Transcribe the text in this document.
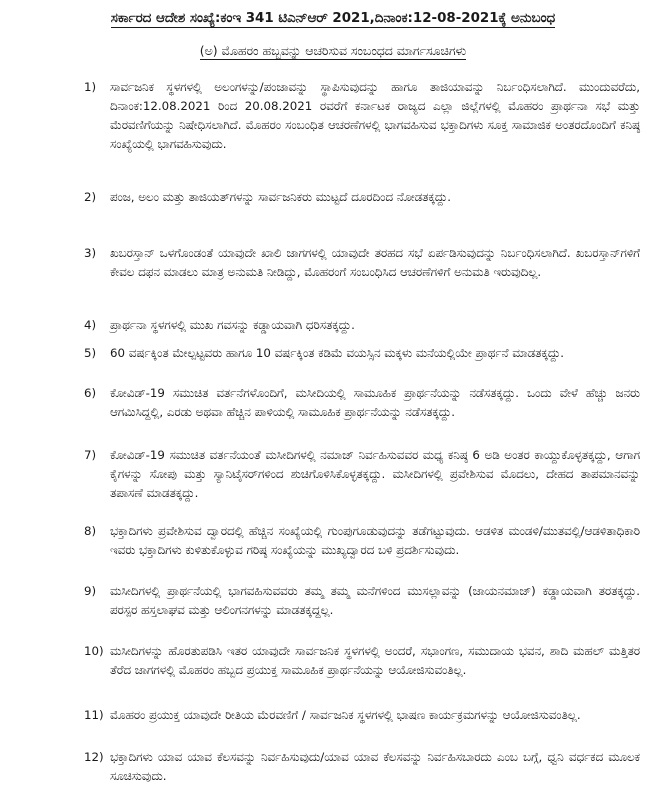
ಸರ್ಕಾರದ ಆದೇಶ ಸಂಖ್ಯೆ:ಕಂಇ 341 ಟಿಎನ್ಆರ್ 2021,ದಿನಾಂಕ:12-08-2021ಕ್ಕೆ ಅನುಬಂಧ
(ಅ) ಮೊಹರಂ ಹಬ್ಬವನ್ನು ಆಚರಿಸುವ ಸಂಬಂಧದ ಮಾರ್ಗಸೂಚಿಗಳು
1)	ಸಾರ್ವಜನಿಕ ಸ್ಥಳಗಳಲ್ಲಿ ಅಲಂಗಳನ್ನು/ಪಂಜಾವನ್ನು ಸ್ಥಾಪಿಸುವುದನ್ನು ಹಾಗೂ ತಾಜಿಯಾವನ್ನು ನಿರ್ಬಂಧಿಸಲಾಗಿದೆ. ಮುಂದುವರೆದು, ದಿನಾಂಕ:12.08.2021 ರಿಂದ 20.08.2021 ರವರೆಗೆ ಕರ್ನಾಟಕ ರಾಜ್ಯದ ಎಲ್ಲಾ ಜಿಲ್ಲೆಗಳಲ್ಲಿ ಮೊಹರಂ ಪ್ರಾರ್ಥನಾ ಸಭೆ ಮತ್ತು ಮೆರವಣಿಗೆಯನ್ನು ನಿಷೇಧಿಸಲಾಗಿದೆ. ಮೊಹರಂ ಸಂಬಂಧಿತ ಆಚರಣೆಗಳಲ್ಲಿ ಭಾಗವಹಿಸುವ ಭಕ್ತಾದಿಗಳು ಸೂಕ್ತ ಸಾಮಾಜಿಕ ಅಂತರದೊಂದಿಗೆ ಕನಿಷ್ಠ ಸಂಖ್ಯೆಯಲ್ಲಿ ಭಾಗವಹಿಸುವುದು.
2)	ಪಂಜ, ಅಲಂ ಮತ್ತು ತಾಜಿಯತ್‌ಗಳನ್ನು ಸಾರ್ವಜನಿಕರು ಮುಟ್ಟದೆ ದೂರದಿಂದ ನೋಡತಕ್ಕದ್ದು.
3)	ಖಬರಸ್ತಾನ್ ಒಳಗೊಂಡಂತೆ ಯಾವುದೇ ಖಾಲಿ ಜಾಗಗಳಲ್ಲಿ ಯಾವುದೇ ತರಹದ ಸಭೆ ಏರ್ಪಡಿಸುವುದನ್ನು ನಿರ್ಬಂಧಿಸಲಾಗಿದೆ. ಖಬರಸ್ತಾನ್‌ಗಳಿಗೆ ಕೇವಲ ದಫನ ಮಾಡಲು ಮಾತ್ರ ಅನುಮತಿ ನೀಡಿದ್ದು, ಮೊಹರಂಗೆ ಸಂಬಂಧಿಸಿದ ಆಚರಣೆಗಳಿಗೆ ಅನುಮತಿ ಇರುವುದಿಲ್ಲ.
4)	ಪ್ರಾರ್ಥನಾ ಸ್ಥಳಗಳಲ್ಲಿ ಮುಖ ಗವಸನ್ನು ಕಡ್ಡಾಯವಾಗಿ ಧರಿಸತಕ್ಕದ್ದು.
5)	60 ವರ್ಷಕ್ಕಿಂತ ಮೇಲ್ಪಟ್ಟವರು ಹಾಗೂ 10 ವರ್ಷಕ್ಕಿಂತ ಕಡಿಮೆ ವಯಸ್ಸಿನ ಮಕ್ಕಳು ಮನೆಯಲ್ಲಿಯೇ ಪ್ರಾರ್ಥನೆ ಮಾಡತಕ್ಕದ್ದು.
6)	ಕೋವಿಡ್-19 ಸಮುಚಿತ ವರ್ತನೆಗಳೊಂದಿಗೆ, ಮಸೀದಿಯಲ್ಲಿ ಸಾಮೂಹಿಕ ಪ್ರಾರ್ಥನೆಯನ್ನು ನಡೆಸತಕ್ಕದ್ದು. ಒಂದು ವೇಳೆ ಹೆಚ್ಚು ಜನರು ಆಗಮಿಸಿದ್ದಲ್ಲಿ, ಎರಡು ಅಥವಾ ಹೆಚ್ಚಿನ ಪಾಳಿಯಲ್ಲಿ ಸಾಮೂಹಿಕ ಪ್ರಾರ್ಥನೆಯನ್ನು ನಡೆಸತಕ್ಕದ್ದು.
7)	ಕೋವಿಡ್-19 ಸಮುಚಿತ ವರ್ತನೆಯಂತೆ ಮಸೀದಿಗಳಲ್ಲಿ ನಮಾಜ್ ನಿರ್ವಹಿಸುವವರ ಮಧ್ಯ ಕನಿಷ್ಠ 6 ಅಡಿ ಅಂತರ ಕಾಯ್ದುಕೊಳ್ಳತಕ್ಕದ್ದು, ಆಗಾಗ ಕೈಗಳನ್ನು ಸೋಪು ಮತ್ತು ಸ್ಯಾನಿಟೈಸರ್‌ಗಳಿಂದ ಶುಚಿಗೊಳಿಸಿಕೊಳ್ಳತಕ್ಕದ್ದು. ಮಸೀದಿಗಳಲ್ಲಿ ಪ್ರವೇಶಿಸುವ ಮೊದಲು, ದೇಹದ ತಾಪಮಾನವನ್ನು ತಪಾಸಣೆ ಮಾಡತಕ್ಕದ್ದು.
8)	ಭಕ್ತಾದಿಗಳು ಪ್ರವೇಶಿಸುವ ದ್ವಾರದಲ್ಲಿ ಹೆಚ್ಚಿನ ಸಂಖ್ಯೆಯಲ್ಲಿ ಗುಂಪುಗೂಡುವುದನ್ನು ತಡೆಗಟ್ಟುವುದು. ಆಡಳಿತ ಮಂಡಳಿ/ಮುತವಲ್ಲಿ/ಆಡಳಿತಾಧಿಕಾರಿ ಇವರು ಭಕ್ತಾದಿಗಳು ಕುಳಿತುಕೊಳ್ಳುವ ಗರಿಷ್ಠ ಸಂಖ್ಯೆಯನ್ನು ಮುಖ್ಯದ್ವಾರದ ಬಳಿ ಪ್ರದರ್ಶಿಸುವುದು.
9)	ಮಸೀದಿಗಳಲ್ಲಿ ಪ್ರಾರ್ಥನೆಯಲ್ಲಿ ಭಾಗವಹಿಸುವವರು ತಮ್ಮ ತಮ್ಮ ಮನೆಗಳಿಂದ ಮುಸಲ್ಲಾವನ್ನು (ಜಾಯನಮಾಜ್) ಕಡ್ಡಾಯವಾಗಿ ತರತಕ್ಕದ್ದು. ಪರಸ್ಪರ ಹಸ್ತಲಾಘವ ಮತ್ತು ಆಲಿಂಗನಗಳನ್ನು ಮಾಡತಕ್ಕದ್ದಲ್ಲ.
10) ಮಸೀದಿಗಳನ್ನು ಹೊರತುಪಡಿಸಿ ಇತರ ಯಾವುದೇ ಸಾರ್ವಜನಿಕ ಸ್ಥಳಗಳಲ್ಲಿ ಅಂದರೆ, ಸಭಾಂಗಣ, ಸಮುದಾಯ ಭವನ, ಶಾದಿ ಮಹಲ್ ಮತ್ತಿತರ ತೆರೆದ ಜಾಗಗಳಲ್ಲಿ ಮೊಹರಂ ಹಬ್ಬದ ಪ್ರಯುಕ್ತ ಸಾಮೂಹಿಕ ಪ್ರಾರ್ಥನೆಯನ್ನು ಆಯೋಜಿಸುವಂತಿಲ್ಲ.
11) ಮೊಹರಂ ಪ್ರಯುಕ್ತ ಯಾವುದೇ ರೀತಿಯ ಮೆರವಣಿಗೆ / ಸಾರ್ವಜನಿಕ ಸ್ಥಳಗಳಲ್ಲಿ ಭಾಷಣ ಕಾರ್ಯಕ್ರಮಗಳನ್ನು ಆಯೋಜಿಸುವಂತಿಲ್ಲ.
12) ಭಕ್ತಾದಿಗಳು ಯಾವ ಯಾವ ಕೆಲಸವನ್ನು ನಿರ್ವಹಿಸುವುದು/ಯಾವ ಯಾವ ಕೆಲಸವನ್ನು ನಿರ್ವಹಿಸಬಾರದು ಎಂಬ ಬಗ್ಗೆ, ಧ್ವನಿ ವರ್ಧಕದ ಮೂಲಕ ಸೂಚಿಸುವುದು.
